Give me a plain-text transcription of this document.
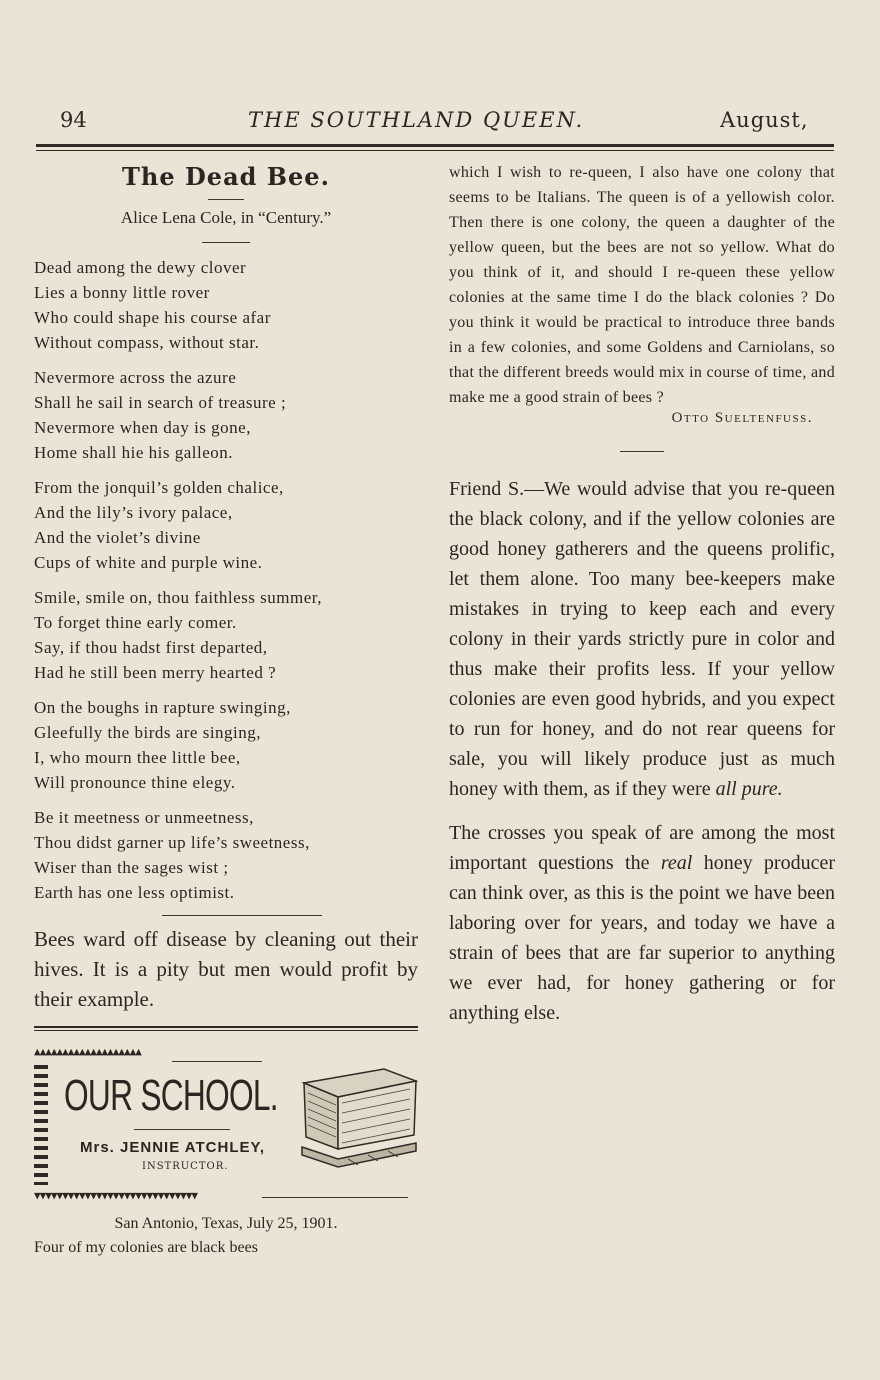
94	THE SOUTHLAND QUEEN.	August,
The Dead Bee.
Alice Lena Cole, in “Century.”
Dead among the dewy clover
Lies a bonny little rover
Who could shape his course afar
Without compass, without star.
Nevermore across the azure
Shall he sail in search of treasure ;
Nevermore when day is gone,
Home shall hie his galleon.
From the jonquil’s golden chalice,
And the lily’s ivory palace,
And the violet’s divine
Cups of white and purple wine.
Smile, smile on, thou faithless summer,
To forget thine early comer.
Say, if thou hadst first departed,
Had he still been merry hearted ?
On the boughs in rapture swinging,
Gleefully the birds are singing,
I, who mourn thee little bee,
Will pronounce thine elegy.
Be it meetness or unmeetness,
Thou didst garner up life’s sweetness,
Wiser than the sages wist ;
Earth has one less optimist.
Bees ward off disease by cleaning out their hives. It is a pity but men would profit by their example.
▲▲▲▲▲▲▲▲▲▲▲▲▲▲▲▲▲▲▲
OUR SCHOOL.
Mrs. JENNIE ATCHLEY,
INSTRUCTOR.
▼▼▼▼▼▼▼▼▼▼▼▼▼▼▼▼▼▼▼▼▼▼▼▼▼▼▼▼▼
San Antonio, Texas, July 25, 1901.
Four of my colonies are black bees
which I wish to re-queen, I also have one colony that seems to be Italians. The queen is of a yellowish color. Then there is one colony, the queen a daughter of the yellow queen, but the bees are not so yellow. What do you think of it, and should I re-queen these yellow colonies at the same time I do the black colonies ? Do you think it would be practical to introduce three bands in a few colonies, and some Goldens and Carniolans, so that the different breeds would mix in course of time, and make me a good strain of bees ?
Otto Sueltenfuss.
Friend S.—We would advise that you re-queen the black colony, and if the yellow colonies are good honey gatherers and the queens prolific, let them alone. Too many bee-keepers make mistakes in trying to keep each and every colony in their yards strictly pure in color and thus make their profits less. If your yellow colonies are even good hybrids, and you expect to run for honey, and do not rear queens for sale, you will likely produce just as much honey with them, as if they were all pure.
The crosses you speak of are among the most important questions the real honey producer can think over, as this is the point we have been laboring over for years, and today we have a strain of bees that are far superior to anything we ever had, for honey gathering or for anything else.
